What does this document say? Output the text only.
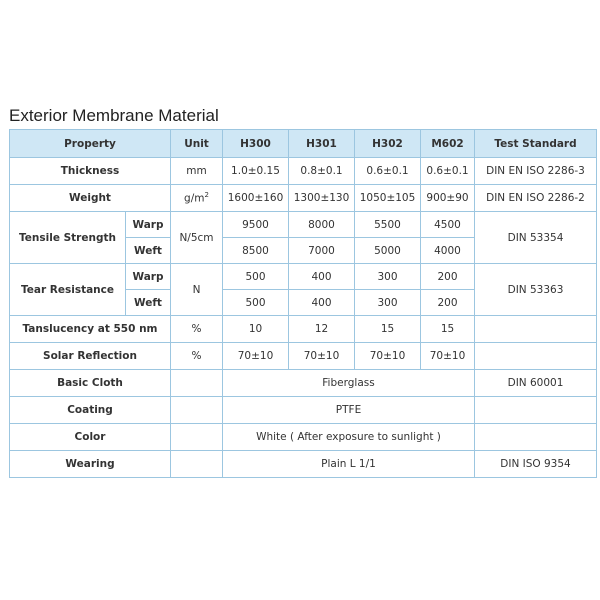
Exterior Membrane Material
Property		Unit	H300	H301	H302	M602	Test Standard
Thickness		mm	1.0±0.15	0.8±0.1	0.6±0.1	0.6±0.1	DIN EN ISO 2286-3
Weight		$g/m^2$	1600±160	1300±130	1050±105	900±90	DIN EN ISO 2286-2
Tensile Strength	Warp	N/5cm	9500	8000	5500	4500	DIN 53354
	Weft		8500	7000	5000	4000	
Tear Resistance	Warp	N	500	400	300	200	DIN 53363
	Weft		500	400	300	200	
Tanslucency at 550 nm		%	10	12	15	15	
Solar Reflection		%	70±10	70±10	70±10	70±10	
Basic Cloth			Fiberglass				DIN 60001
Coating			PTFE				
Color			White ( After exposure to sunlight )				
Wearing			Plain L 1/1				DIN ISO 9354
